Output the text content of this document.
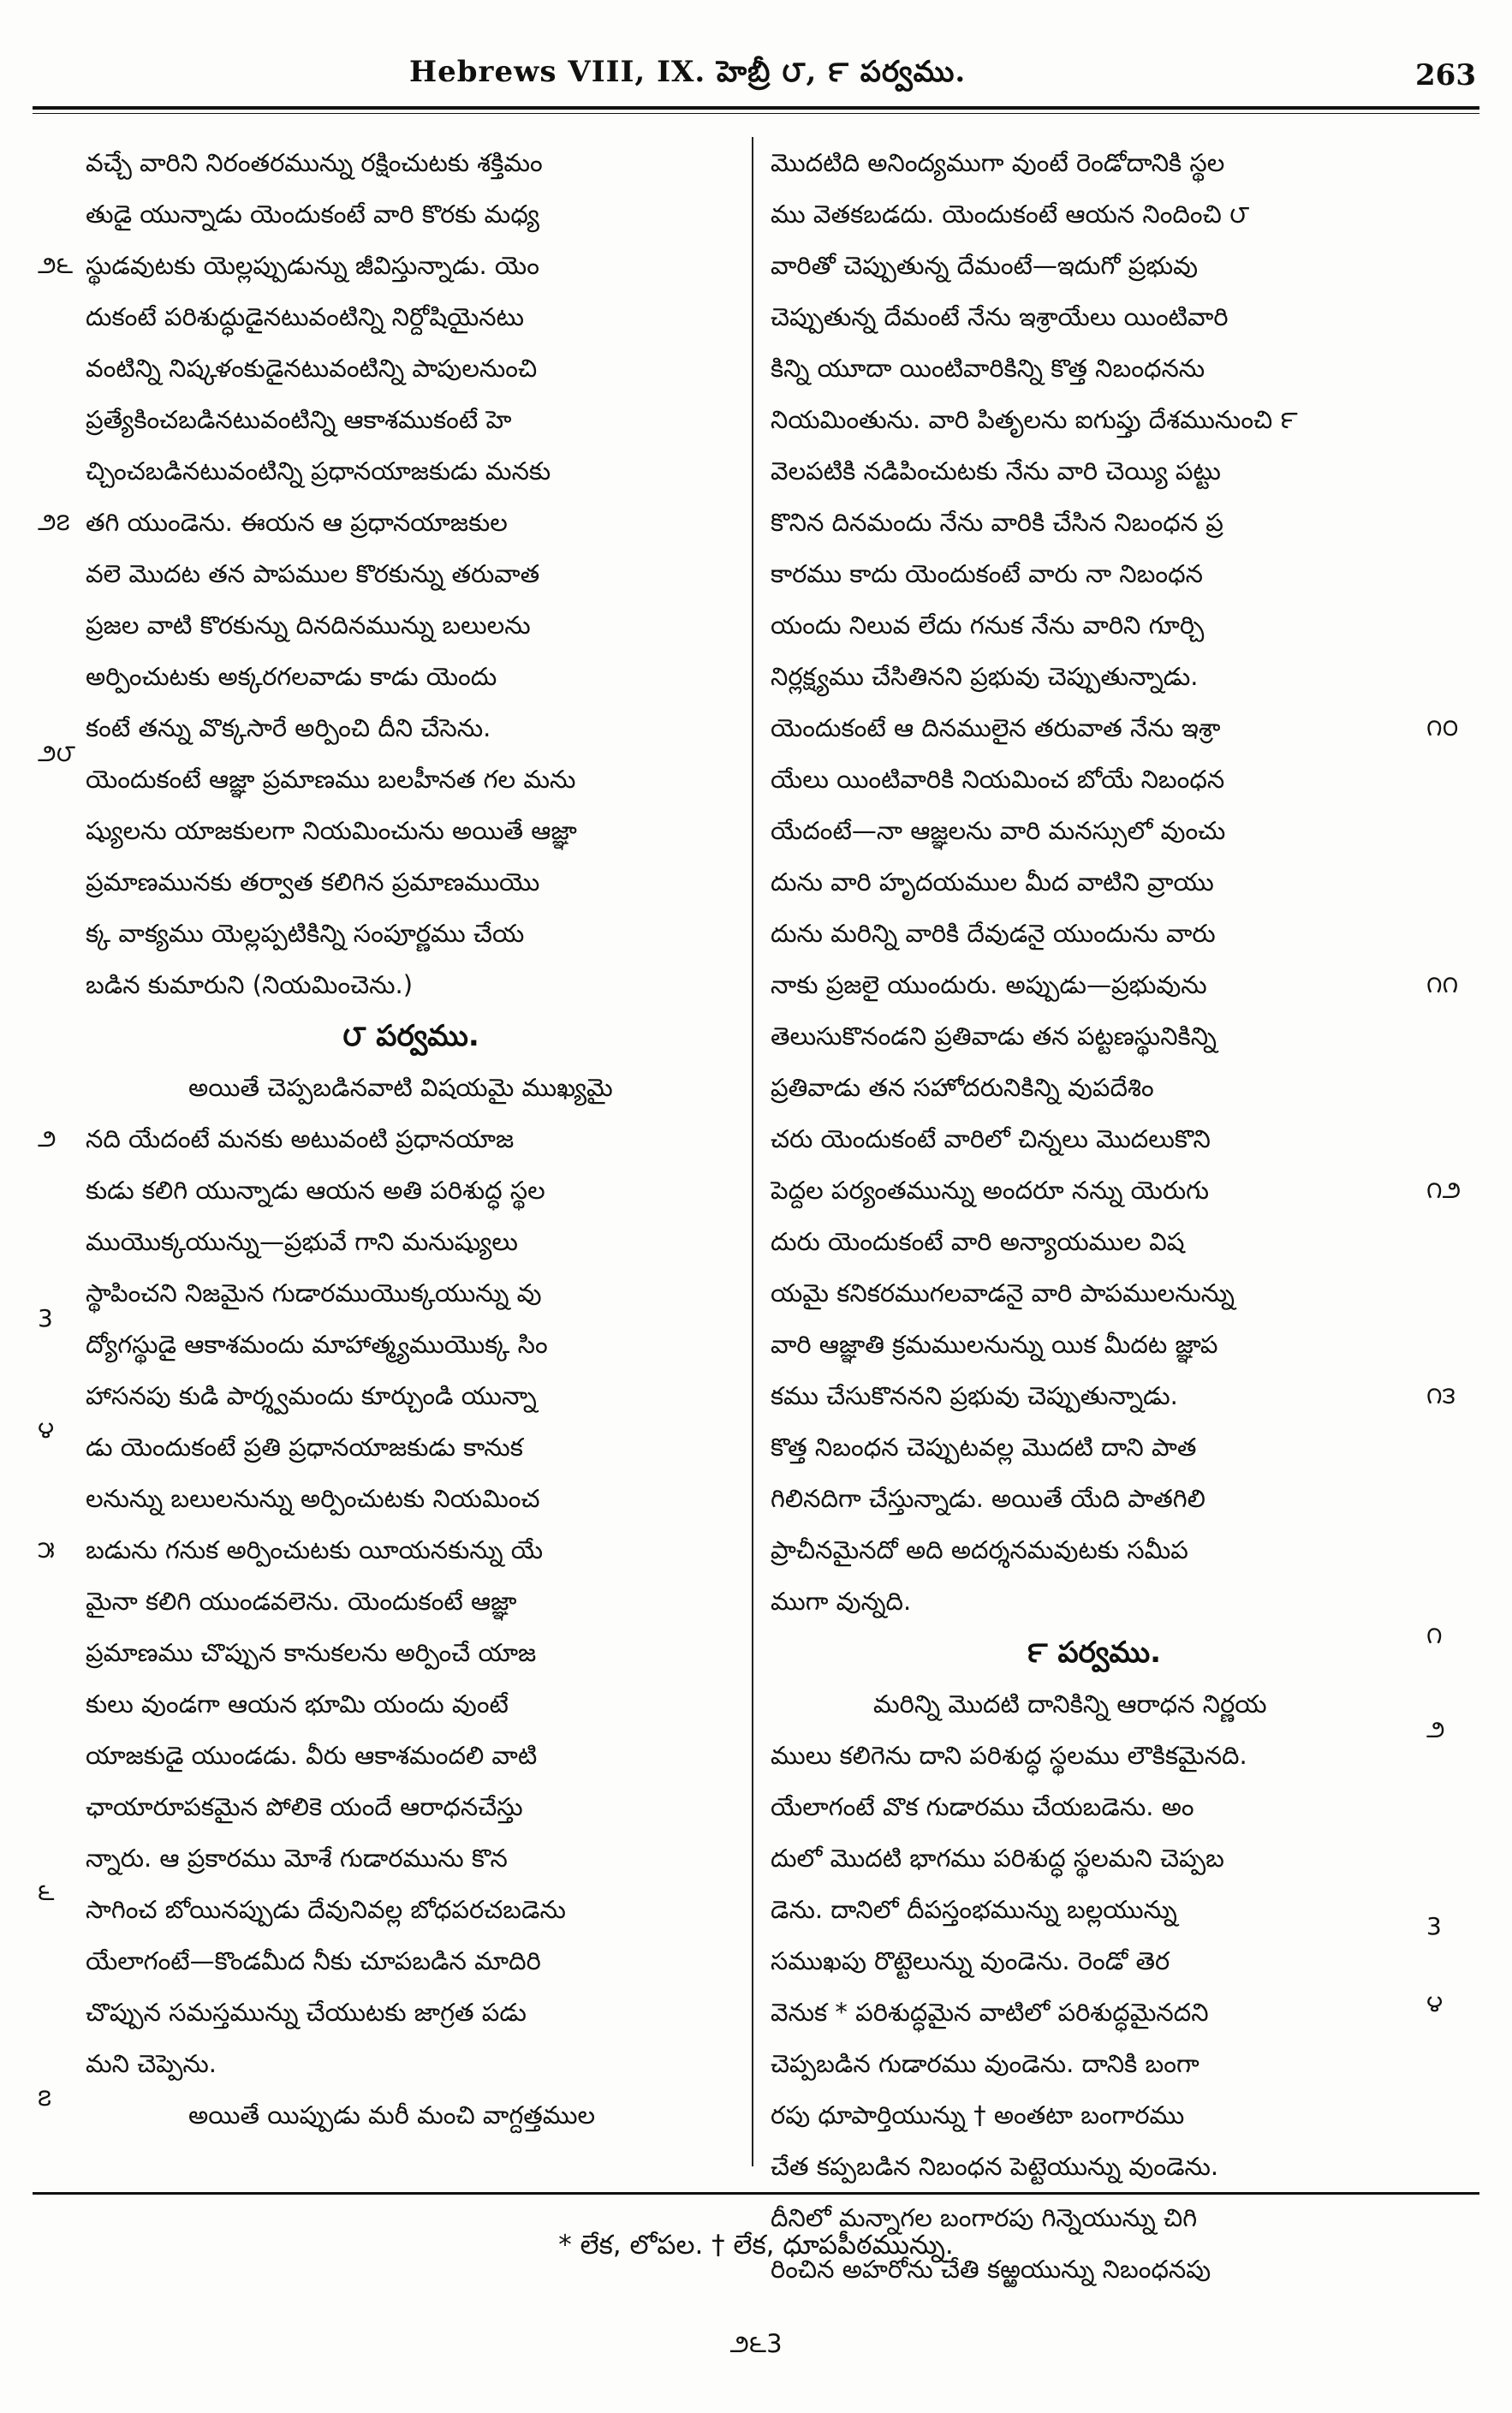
Hebrews VIII, IX. హెబ్రీ ౮, ౯ పర్వము.	263
౨౬
౨౭
౨౮
౨
3
౪
౫
౬
౭
౧౦
౧౧
౧౨
౧౩
౧
౨
3
౪
వచ్చే వారిని నిరంతరమున్ను రక్షించుటకు శక్తిమం
తుడై యున్నాడు యెందుకంటే వారి కొరకు మధ్య
స్థుడవుటకు యెల్లప్పుడున్ను జీవిస్తున్నాడు. యెం
దుకంటే పరిశుద్ధుడైనటువంటిన్ని నిర్దోషియైనటు
వంటిన్ని నిష్కళంకుడైనటువంటిన్ని పాపులనుంచి
ప్రత్యేకించబడినటువంటిన్ని ఆకాశముకంటే హె
చ్చించబడినటువంటిన్ని ప్రధానయాజకుడు మనకు
తగి యుండెను. ఈయన ఆ ప్రధానయాజకుల
వలె మొదట తన పాపముల కొరకున్ను తరువాత
ప్రజల వాటి కొరకున్ను దినదినమున్ను బలులను
అర్పించుటకు అక్కరగలవాడు కాడు యెందు
కంటే తన్ను వొక్కసారే అర్పించి దీని చేసెను.
యెందుకంటే ఆజ్ఞా ప్రమాణము బలహీనత గల మను
ష్యులను యాజకులగా నియమించును అయితే ఆజ్ఞా
ప్రమాణమునకు తర్వాత కలిగిన ప్రమాణముయొ
క్క వాక్యము యెల్లప్పటికిన్ని సంపూర్ణము చేయ
బడిన కుమారుని (నియమించెను.)
౮ పర్వము.
అయితే చెప్పబడినవాటి విషయమై ముఖ్యమై
నది యేదంటే మనకు అటువంటి ప్రధానయాజ
కుడు కలిగి యున్నాడు ఆయన అతి పరిశుద్ధ స్థల
ముయొక్కయున్ను—ప్రభువే గాని మనుష్యులు
స్థాపించని నిజమైన గుడారముయొక్కయున్ను వు
ద్యోగస్థుడై ఆకాశమందు మాహాత్మ్యముయొక్క సిం
హాసనపు కుడి పార్శ్వమందు కూర్చుండి యున్నా
డు యెందుకంటే ప్రతి ప్రధానయాజకుడు కానుక
లనున్ను బలులనున్ను అర్పించుటకు నియమించ
బడును గనుక అర్పించుటకు యీయనకున్ను యే
మైనా కలిగి యుండవలెను. యెందుకంటే ఆజ్ఞా
ప్రమాణము చొప్పున కానుకలను అర్పించే యాజ
కులు వుండగా ఆయన భూమి యందు వుంటే
యాజకుడై యుండడు. వీరు ఆకాశమందలి వాటి
ఛాయారూపకమైన పోలికె యందే ఆరాధనచేస్తు
న్నారు. ఆ ప్రకారము మోశే గుడారమును కొన
సాగించ బోయినప్పుడు దేవునివల్ల బోధపరచబడెను
యేలాగంటే—కొండమీద నీకు చూపబడిన మాదిరి
చొప్పున సమస్తమున్ను చేయుటకు జాగ్రత పడు
మని చెప్పెను.
అయితే యిప్పుడు మరీ మంచి వాగ్దత్తముల
మొదటిది అనింద్యముగా వుంటే రెండోదానికి స్థల
ము వెతకబడదు. యెందుకంటే ఆయన నిందించి ౮
వారితో చెప్పుతున్న దేమంటే—ఇదుగో ప్రభువు
చెప్పుతున్న దేమంటే నేను ఇశ్రాయేలు యింటివారి
కిన్ని యూదా యింటివారికిన్ని కొత్త నిబంధనను
నియమింతును. వారి పితృలను ఐగుప్తు దేశమునుంచి ౯
వెలపటికి నడిపించుటకు నేను వారి చెయ్యి పట్టు
కొనిన దినమందు నేను వారికి చేసిన నిబంధన ప్ర
కారము కాదు యెందుకంటే వారు నా నిబంధన
యందు నిలువ లేదు గనుక నేను వారిని గూర్చి
నిర్లక్ష్యము చేసితినని ప్రభువు చెప్పుతున్నాడు.
యెందుకంటే ఆ దినములైన తరువాత నేను ఇశ్రా
యేలు యింటివారికి నియమించ బోయే నిబంధన
యేదంటే—నా ఆజ్ఞలను వారి మనస్సులో వుంచు
దును వారి హృదయముల మీద వాటిని వ్రాయు
దును మరిన్ని వారికి దేవుడనై యుందును వారు
నాకు ప్రజలై యుందురు. అప్పుడు—ప్రభువును
తెలుసుకొనండని ప్రతివాడు తన పట్టణస్థునికిన్ని
ప్రతివాడు తన సహోదరునికిన్ని వుపదేశిం
చరు యెందుకంటే వారిలో చిన్నలు మొదలుకొని
పెద్దల పర్యంతమున్ను అందరూ నన్ను యెరుగు
దురు యెందుకంటే వారి అన్యాయముల విష
యమై కనికరముగలవాడనై వారి పాపములనున్ను
వారి ఆజ్ఞాతి క్రమములనున్ను యిక మీదట జ్ఞాప
కము చేసుకొననని ప్రభువు చెప్పుతున్నాడు.
కొత్త నిబంధన చెప్పుటవల్ల మొదటి దాని పాత
గిలినదిగా చేస్తున్నాడు. అయితే యేది పాతగిలి
ప్రాచీనమైనదో అది అదర్శనమవుటకు సమీప
ముగా వున్నది.
౯ పర్వము.
మరిన్ని మొదటి దానికిన్ని ఆరాధన నిర్ణయ
ములు కలిగెను దాని పరిశుద్ధ స్థలము లౌకికమైనది.
యేలాగంటే వొక గుడారము చేయబడెను. అం
దులో మొదటి భాగము పరిశుద్ధ స్థలమని చెప్పబ
డెను. దానిలో దీపస్తంభమున్ను బల్లయున్ను
సముఖపు రొట్టెలున్ను వుండెను. రెండో తెర
వెనుక * పరిశుద్ధమైన వాటిలో పరిశుద్ధమైనదని
చెప్పబడిన గుడారము వుండెను. దానికి బంగా
రపు ధూపార్తియున్ను † అంతటా బంగారము
చేత కప్పబడిన నిబంధన పెట్టెయున్ను వుండెను.
దీనిలో మన్నాగల బంగారపు గిన్నెయున్ను చిగి
రించిన అహరోను చేతి కఱ్ఱయున్ను నిబంధనపు
* లేక, లోపల. † లేక, ధూపపీఠమున్ను.
౨౬3
